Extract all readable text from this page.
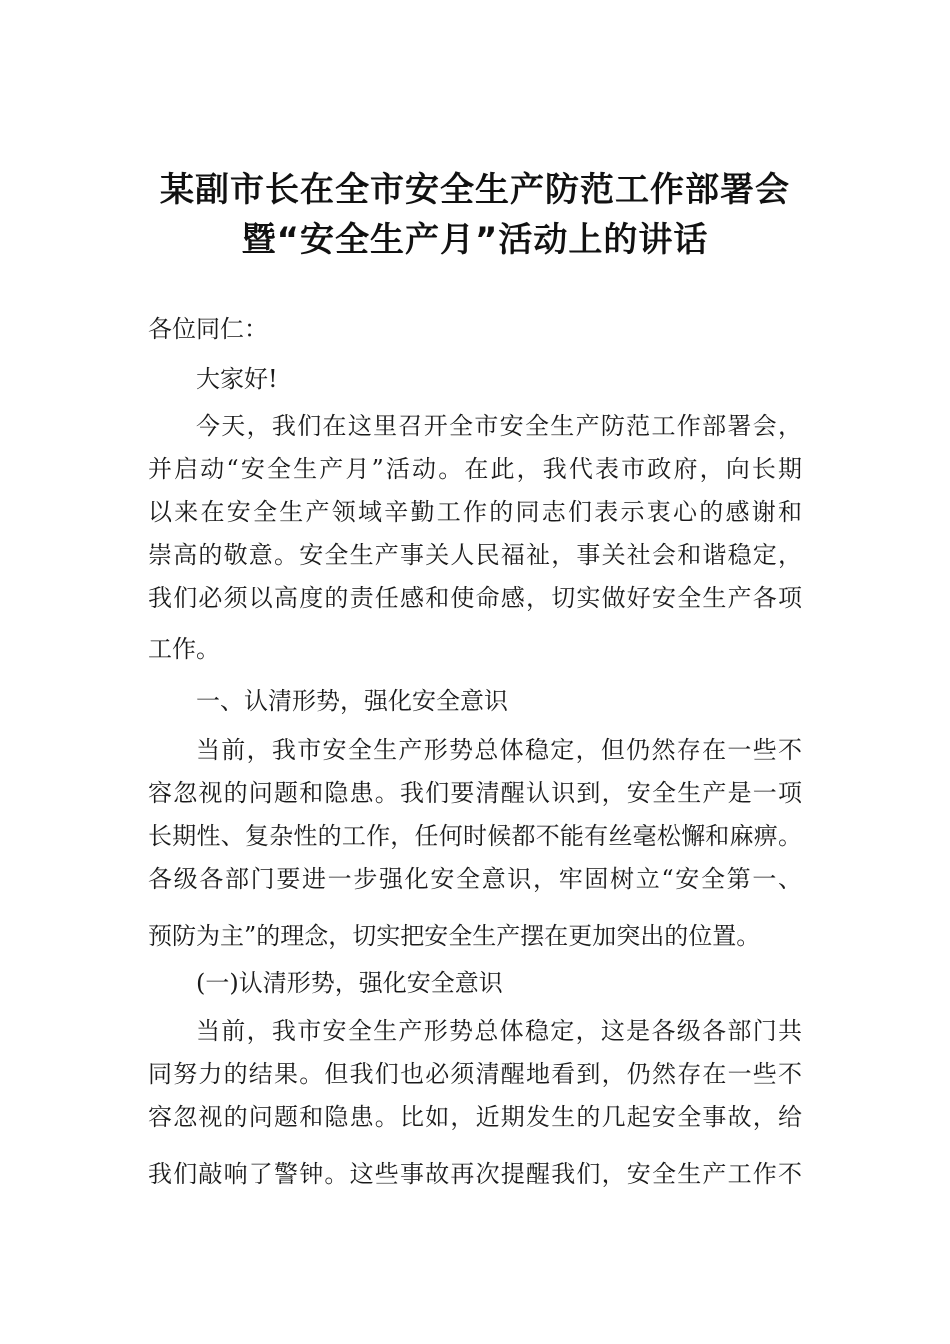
某副市长在全市安全生产防范工作部署会
暨“安全生产月”活动上的讲话
各位同仁：
大家好!
今天，我们在这里召开全市安全生产防范工作部署会，
并启动“安全生产月”活动。在此，我代表市政府，向长期
以来在安全生产领域辛勤工作的同志们表示衷心的感谢和
崇高的敬意。安全生产事关人民福祉，事关社会和谐稳定，
我们必须以高度的责任感和使命感，切实做好安全生产各项
工作。
一、认清形势，强化安全意识
当前，我市安全生产形势总体稳定，但仍然存在一些不
容忽视的问题和隐患。我们要清醒认识到，安全生产是一项
长期性、复杂性的工作，任何时候都不能有丝毫松懈和麻痹。
各级各部门要进一步强化安全意识，牢固树立“安全第一、
预防为主”的理念，切实把安全生产摆在更加突出的位置。
(一)认清形势，强化安全意识
当前，我市安全生产形势总体稳定，这是各级各部门共
同努力的结果。但我们也必须清醒地看到，仍然存在一些不
容忽视的问题和隐患。比如，近期发生的几起安全事故，给
我们敲响了警钟。这些事故再次提醒我们，安全生产工作不
